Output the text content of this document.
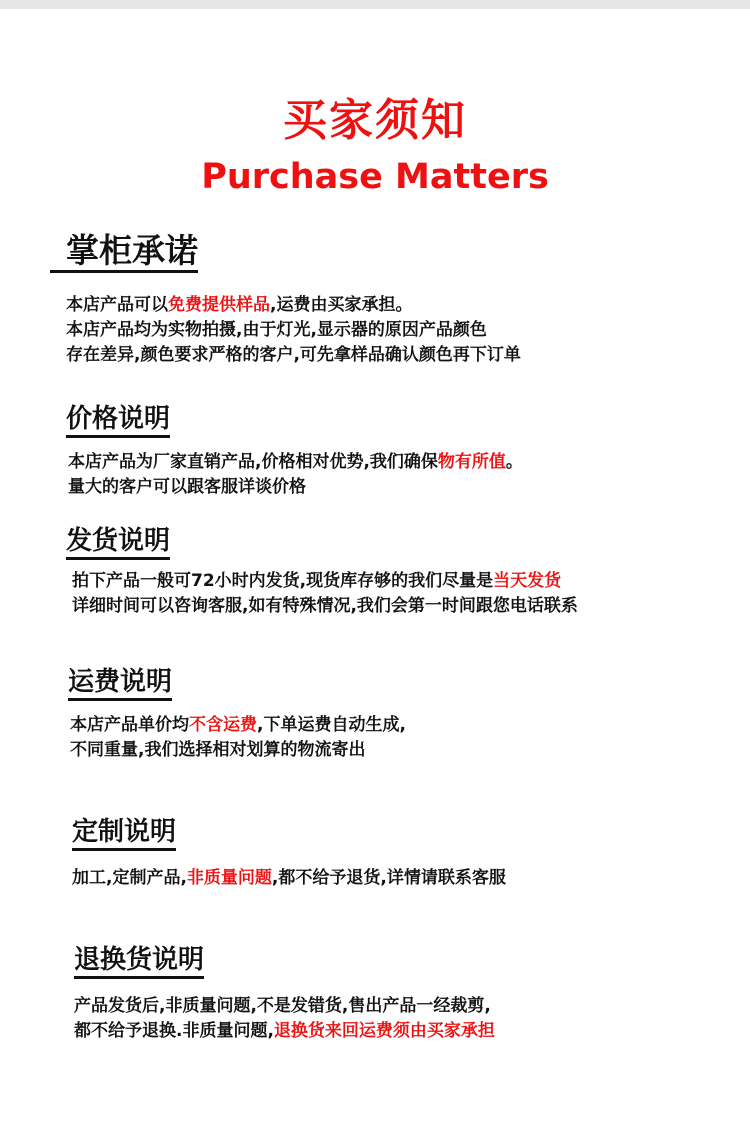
买家须知
Purchase Matters
掌柜承诺
本店产品可以免费提供样品,运费由买家承担。
本店产品均为实物拍摄,由于灯光,显示器的原因产品颜色
存在差异,颜色要求严格的客户,可先拿样品确认颜色再下订单
价格说明
本店产品为厂家直销产品,价格相对优势,我们确保物有所值。
量大的客户可以跟客服详谈价格
发货说明
拍下产品一般可72小时内发货,现货库存够的我们尽量是当天发货
详细时间可以咨询客服,如有特殊情况,我们会第一时间跟您电话联系
运费说明
本店产品单价均不含运费,下单运费自动生成,
不同重量,我们选择相对划算的物流寄出
定制说明
加工,定制产品,非质量问题,都不给予退货,详情请联系客服
退换货说明
产品发货后,非质量问题,不是发错货,售出产品一经裁剪,
都不给予退换.非质量问题,退换货来回运费须由买家承担
